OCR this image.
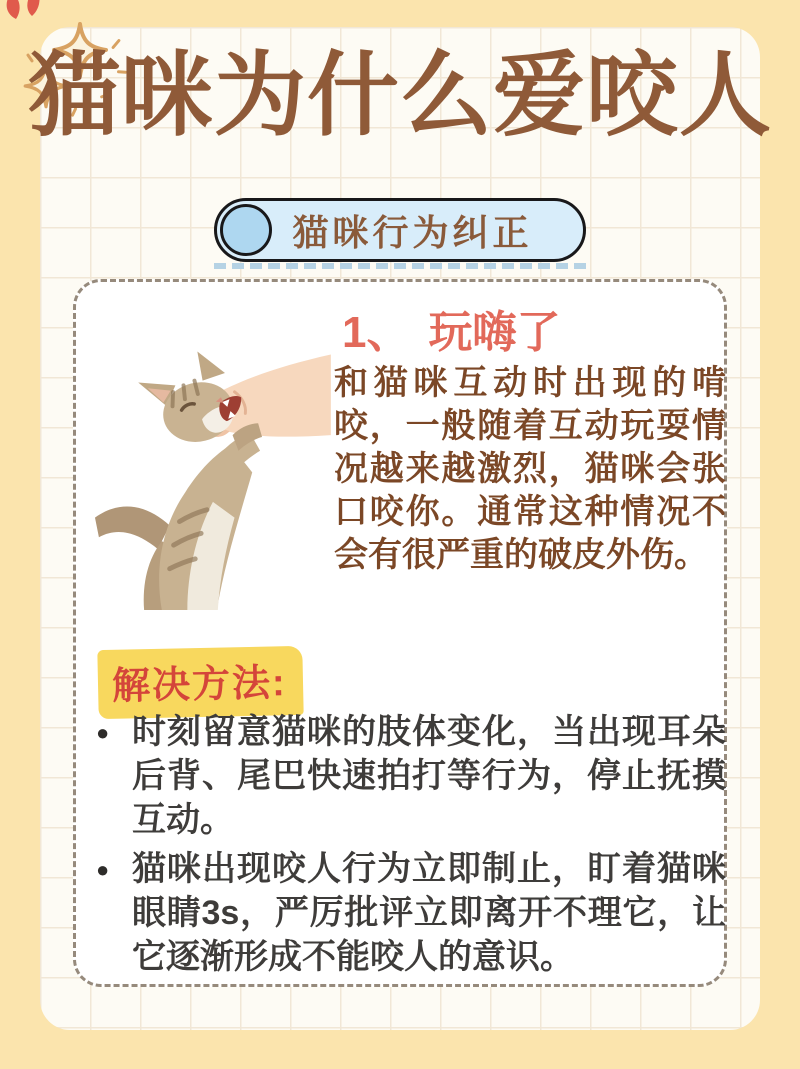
猫咪为什么爱咬人
猫咪行为纠正
1、 玩嗨了

和猫咪互动时出现的啃咬，一般随着互动玩耍情况越来越激烈，猫咪会张口咬你。通常这种情况不会有很严重的破皮外伤。

解决方法:
● 时刻留意猫咪的肢体变化，当出现耳朵后背、尾巴快速拍打等行为，停止抚摸互动。
● 猫咪出现咬人行为立即制止，盯着猫咪眼睛3s，严厉批评立即离开不理它，让它逐渐形成不能咬人的意识。
